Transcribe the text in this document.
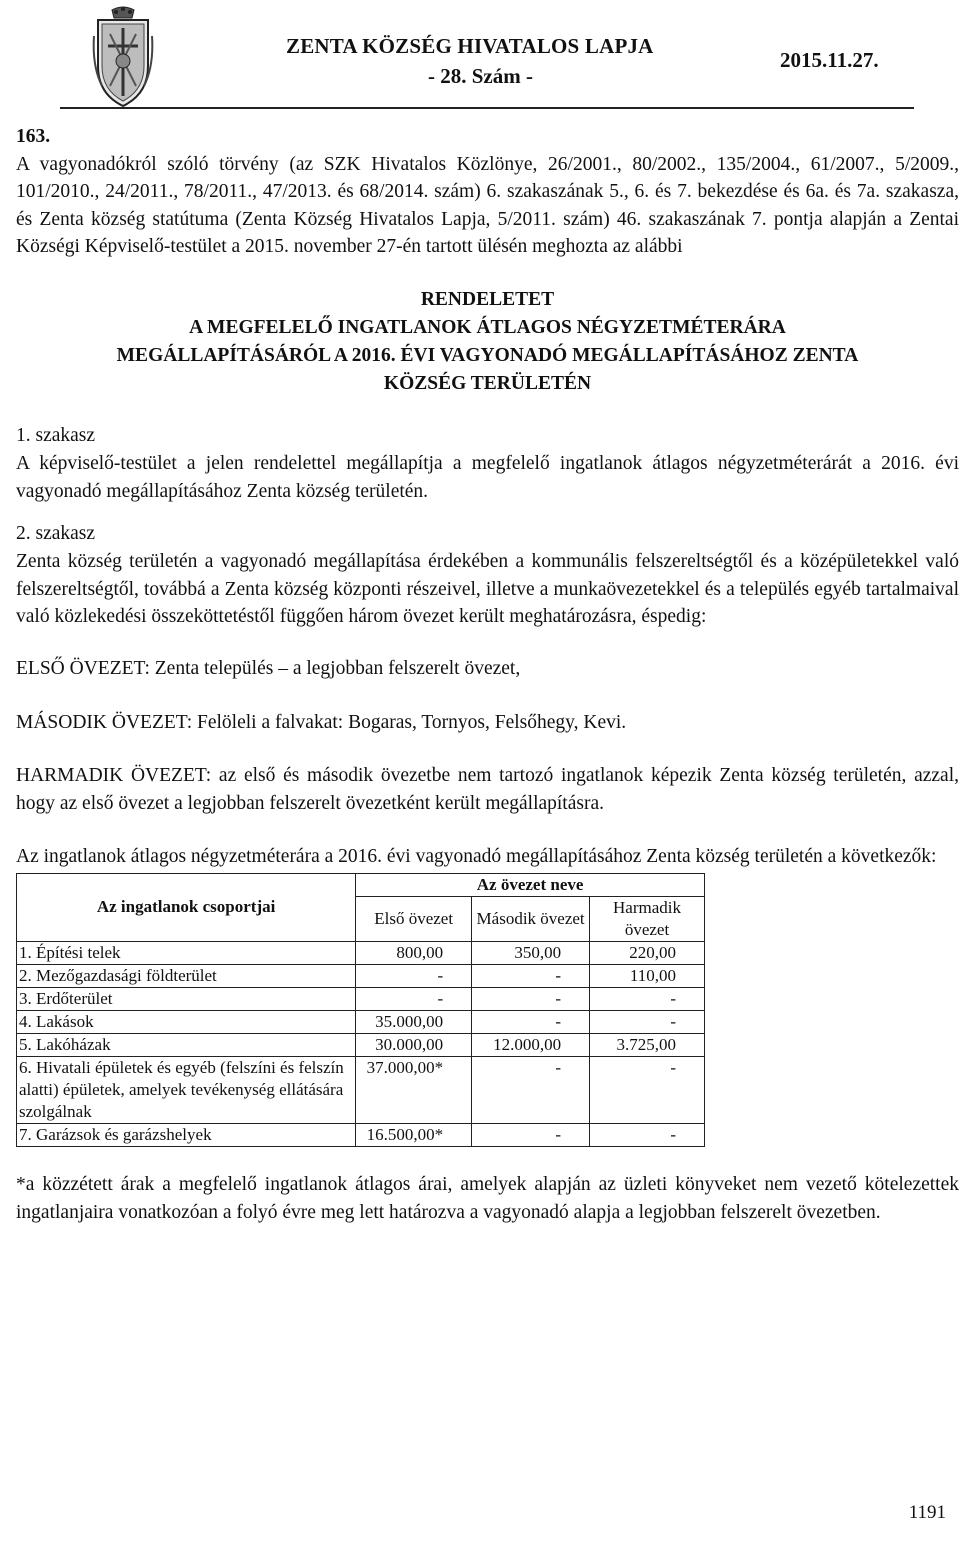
ZENTA KÖZSÉG HIVATALOS LAPJA
- 28. Szám -
2015.11.27.

163.

A vagyonadókról szóló törvény (az SZK Hivatalos Közlönye, 26/2001., 80/2002., 135/2004., 61/2007., 5/2009., 101/2010., 24/2011., 78/2011., 47/2013. és 68/2014. szám) 6. szakaszának 5., 6. és 7. bekezdése és 6a. és 7a. szakasza, és Zenta község statútuma (Zenta Község Hivatalos Lapja, 5/2011. szám) 46. szakaszának 7. pontja alapján a Zentai Községi Képviselő-testület a 2015. november 27-én tartott ülésén meghozta az alábbi

RENDELETET
A MEGFELELŐ INGATLANOK ÁTLAGOS NÉGYZETMÉTERÁRA
MEGÁLLAPÍTÁSÁRÓL A 2016. ÉVI VAGYONADÓ MEGÁLLAPÍTÁSÁHOZ ZENTA
KÖZSÉG TERÜLETÉN

1. szakasz

A képviselő-testület a jelen rendelettel megállapítja a megfelelő ingatlanok átlagos négyzetméterárát a 2016. évi vagyonadó megállapításához Zenta község területén.

2. szakasz

Zenta község területén a vagyonadó megállapítása érdekében a kommunális felszereltségtől és a középületekkel való felszereltségtől, továbbá a Zenta község központi részeivel, illetve a munkaövezetekkel és a település egyéb tartalmaival való közlekedési összeköttetéstől függően három övezet került meghatározásra, éspedig:

ELSŐ ÖVEZET: Zenta település – a legjobban felszerelt övezet,

MÁSODIK ÖVEZET: Felöleli a falvakat: Bogaras, Tornyos, Felsőhegy, Kevi.

HARMADIK ÖVEZET: az első és második övezetbe nem tartozó ingatlanok képezik Zenta község területén, azzal, hogy az első övezet a legjobban felszerelt övezetként került megállapításra.

Az ingatlanok átlagos négyzetméterára a 2016. évi vagyonadó megállapításához Zenta község területén a következők:

Az ingatlanok csoportjai	Az övezet neve		
	Első övezet	Második övezet	Harmadik övezet
1. Építési telek	800,00	350,00	220,00
2. Mezőgazdasági földterület	-	-	110,00
3. Erdőterület	-	-	-
4. Lakások	35.000,00	-	-
5. Lakóházak	30.000,00	12.000,00	3.725,00
6. Hivatali épületek és egyéb (felszíni és felszín alatti) épületek, amelyek tevékenység ellátására szolgálnak	37.000,00*	-	-
7. Garázsok és garázshelyek	16.500,00*	-	-

*a közzétett árak a megfelelő ingatlanok átlagos árai, amelyek alapján az üzleti könyveket nem vezető kötelezettek ingatlanjaira vonatkozóan a folyó évre meg lett határozva a vagyonadó alapja a legjobban felszerelt övezetben.

1191
